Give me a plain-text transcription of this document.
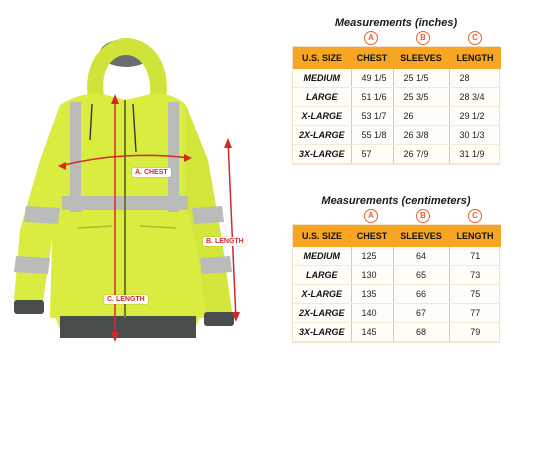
A. CHEST
B. LENGTH
C. LENGTH
Measurements (inches)
A	B	C
U.S. SIZE	CHEST	SLEEVES	LENGTH
MEDIUM	49 1/5	25 1/5	28
LARGE	51 1/6	25 3/5	28 3/4
X-LARGE	53 1/7	26	29 1/2
2X-LARGE	55 1/8	26 3/8	30 1/3
3X-LARGE	57	26 7/9	31 1/9
Measurements (centimeters)
A	B	C
U.S. SIZE	CHEST	SLEEVES	LENGTH
MEDIUM	125	64	71
LARGE	130	65	73
X-LARGE	135	66	75
2X-LARGE	140	67	77
3X-LARGE	145	68	79
